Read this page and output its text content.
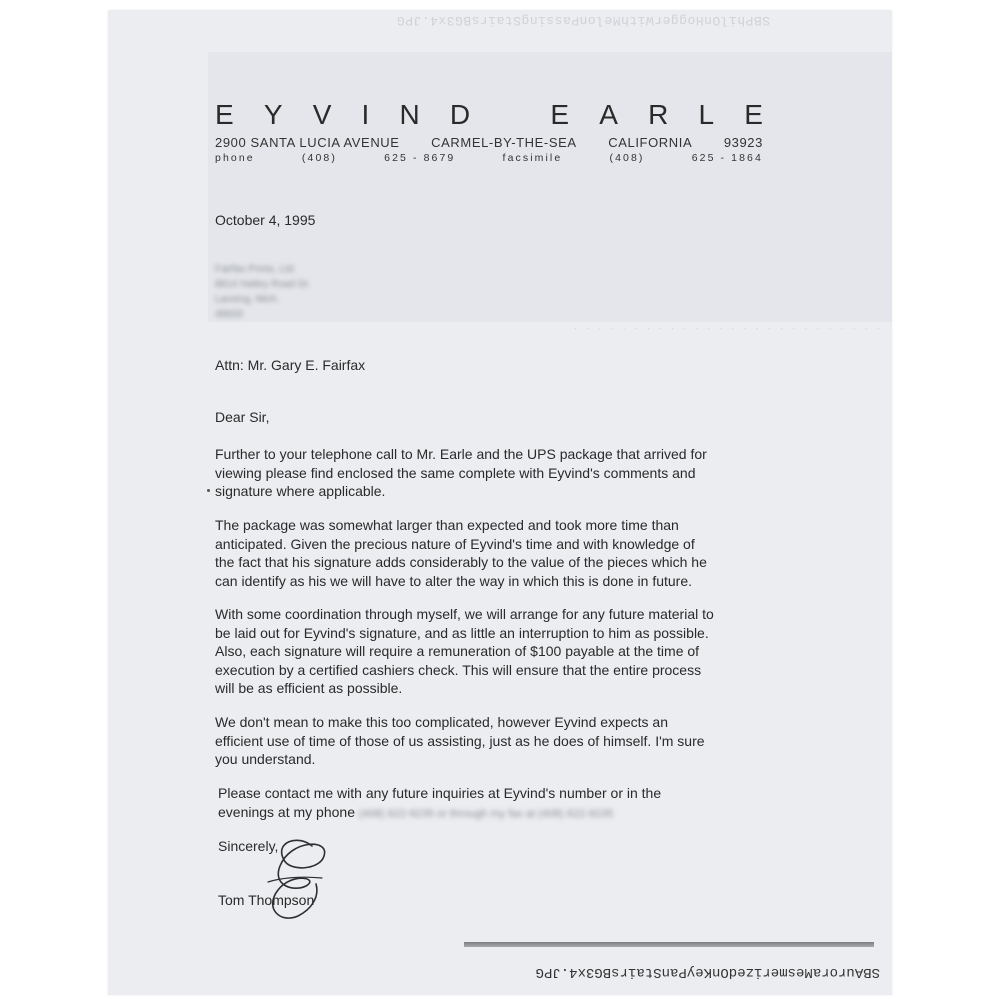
SBPhilOnHoggerWithMelonPassingStairsBG3x4.JPG
E Y V I N D	E A R L E
2900 SANTA LUCIA AVENUE CARMEL-BY-THE-SEA CALIFORNIA 93923
phone	(408)	625 - 8679	facsimile	(408)	625 - 1864
October 4, 1995
Fairfax Prints, Ltd.
8814 Hatley Road Dr.
Lansing, Mich.
48933
· · · · · · · · · · · · · · · · · · · · · · · · · ·
Attn: Mr. Gary E. Fairfax
Dear Sir,

Further to your telephone call to Mr. Earle and the UPS package that arrived for

viewing please find enclosed the same complete with Eyvind's comments and

signature where applicable.

The package was somewhat larger than expected and took more time than

anticipated. Given the precious nature of Eyvind's time and with knowledge of

the fact that his signature adds considerably to the value of the pieces which he

can identify as his we will have to alter the way in which this is done in future.

With some coordination through myself, we will arrange for any future material to

be laid out for Eyvind's signature, and as little an interruption to him as possible.

Also, each signature will require a remuneration of $100 payable at the time of

execution by a certified cashiers check. This will ensure that the entire process

will be as efficient as possible.

We don't mean to make this too complicated, however Eyvind expects an

efficient use of time of those of us assisting, just as he does of himself. I'm sure

you understand.

Please contact me with any future inquiries at Eyvind's number or in the

evenings at my phone (408) 622-9235 or through my fax at (408) 622-9235

Sincerely,
Tom Thompson
SBAuroraMesmerizedOnKeyPanStairsBG3x4.JPG
